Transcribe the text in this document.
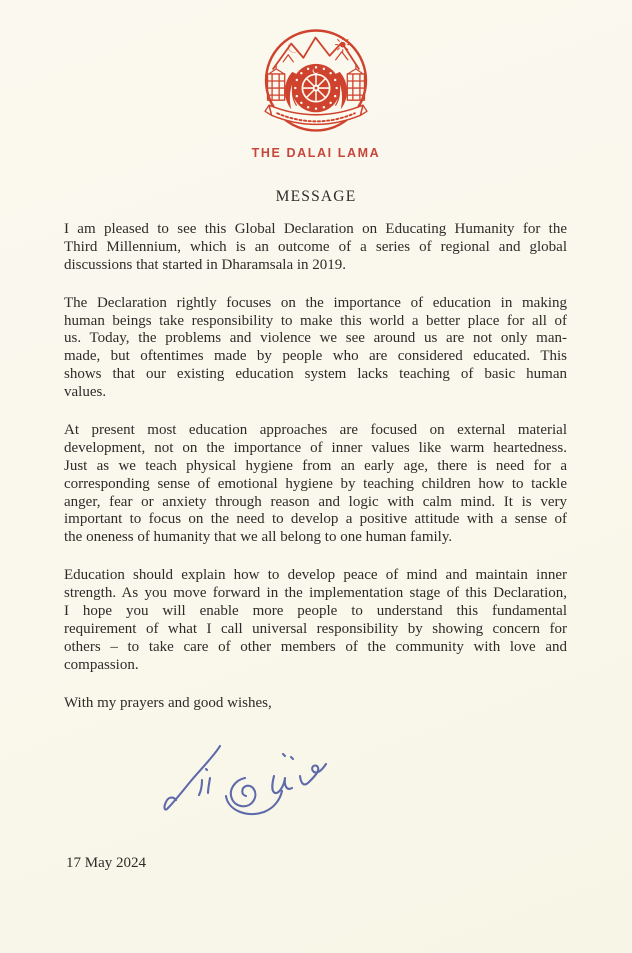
THE DALAI LAMA
MESSAGE

I am pleased to see this Global Declaration on Educating Humanity for the
Third Millennium, which is an outcome of a series of regional and global
discussions that started in Dharamsala in 2019.

The Declaration rightly focuses on the importance of education in making
human beings take responsibility to make this world a better place for all of
us. Today, the problems and violence we see around us are not only man-
made, but oftentimes made by people who are considered educated. This
shows that our existing education system lacks teaching of basic human
values.

At present most education approaches are focused on external material
development, not on the importance of inner values like warm heartedness.
Just as we teach physical hygiene from an early age, there is need for a
corresponding sense of emotional hygiene by teaching children how to tackle
anger, fear or anxiety through reason and logic with calm mind. It is very
important to focus on the need to develop a positive attitude with a sense of
the oneness of humanity that we all belong to one human family.

Education should explain how to develop peace of mind and maintain inner
strength. As you move forward in the implementation stage of this Declaration,
I hope you will enable more people to understand this fundamental
requirement of what I call universal responsibility by showing concern for
others – to take care of other members of the community with love and
compassion.

With my prayers and good wishes,
17 May 2024
